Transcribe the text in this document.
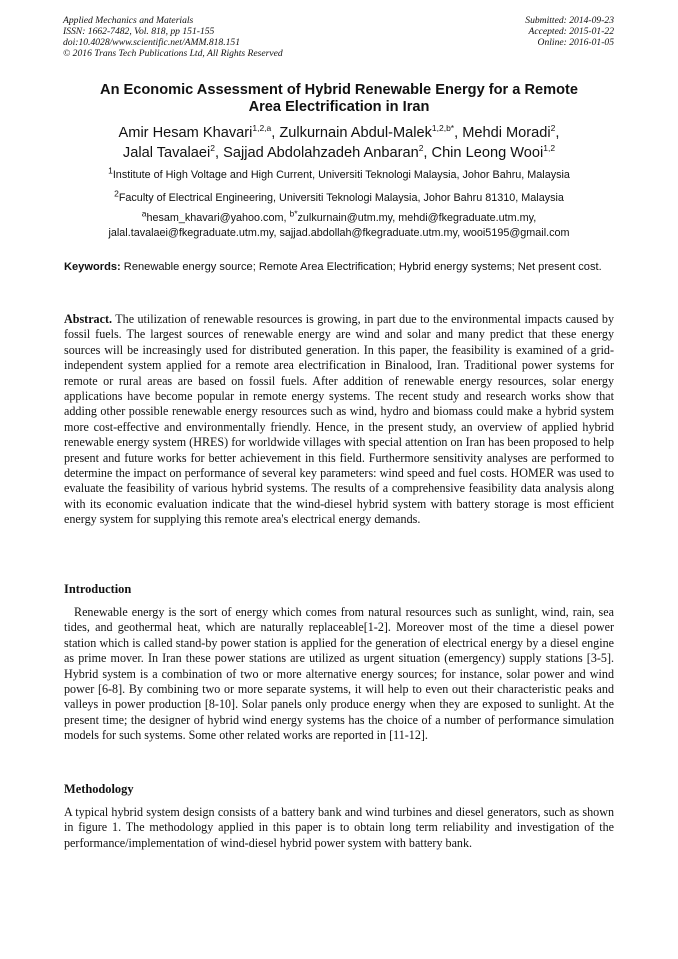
Applied Mechanics and Materials
ISSN: 1662-7482, Vol. 818, pp 151-155
doi:10.4028/www.scientific.net/AMM.818.151
© 2016 Trans Tech Publications Ltd, All Rights Reserved
Submitted: 2014-09-23
Accepted: 2015-01-22
Online: 2016-01-05
An Economic Assessment of Hybrid Renewable Energy for a Remote
Area Electrification in Iran
Amir Hesam Khavari$^{1,2,a}$, Zulkurnain Abdul-Malek$^{1,2,b*}$, Mehdi Moradi$^2$,
Jalal Tavalaei$^2$, Sajjad Abdolahzadeh Anbaran$^2$, Chin Leong Wooi$^{1,2}$
$^1$Institute of High Voltage and High Current, Universiti Teknologi Malaysia, Johor Bahru, Malaysia
$^2$Faculty of Electrical Engineering, Universiti Teknologi Malaysia, Johor Bahru 81310, Malaysia
$^a$hesam_khavari@yahoo.com, $^{b*}$zulkurnain@utm.my, mehdi@fkegraduate.utm.my,
jalal.tavalaei@fkegraduate.utm.my, sajjad.abdollah@fkegraduate.utm.my, wooi5195@gmail.com
Keywords: Renewable energy source; Remote Area Electrification; Hybrid energy systems; Net present cost.

Abstract. The utilization of renewable resources is growing, in part due to the environmental impacts caused by fossil fuels. The largest sources of renewable energy are wind and solar and many predict that these energy sources will be increasingly used for distributed generation. In this paper, the feasibility is examined of a grid-independent system applied for a remote area electrification in Binalood, Iran. Traditional power systems for remote or rural areas are based on fossil fuels. After addition of renewable energy resources, solar energy applications have become popular in remote energy systems. The recent study and research works show that adding other possible renewable energy resources such as wind, hydro and biomass could make a hybrid system more cost-effective and environmentally friendly. Hence, in the present study, an overview of applied hybrid renewable energy system (HRES) for worldwide villages with special attention on Iran has been proposed to help present and future works for better achievement in this field. Furthermore sensitivity analyses are performed to determine the impact on performance of several key parameters: wind speed and fuel costs. HOMER was used to evaluate the feasibility of various hybrid systems. The results of a comprehensive feasibility data analysis along with its economic evaluation indicate that the wind-diesel hybrid system with battery storage is most efficient energy system for supplying this remote area's electrical energy demands.

Introduction

Renewable energy is the sort of energy which comes from natural resources such as sunlight, wind, rain, sea tides, and geothermal heat, which are naturally replaceable[1-2]. Moreover most of the time a diesel power station which is called stand-by power station is applied for the generation of electrical energy by a diesel engine as prime mover. In Iran these power stations are utilized as urgent situation (emergency) supply stations [3-5]. Hybrid system is a combination of two or more alternative energy sources; for instance, solar power and wind power [6-8]. By combining two or more separate systems, it will help to even out their characteristic peaks and valleys in power production [8-10]. Solar panels only produce energy when they are exposed to sunlight. At the present time; the designer of hybrid wind energy systems has the choice of a number of performance simulation models for such systems. Some other related works are reported in [11-12].

Methodology

A typical hybrid system design consists of a battery bank and wind turbines and diesel generators, such as shown in figure 1. The methodology applied in this paper is to obtain long term reliability and investigation of the performance/implementation of wind-diesel hybrid power system with battery bank.
